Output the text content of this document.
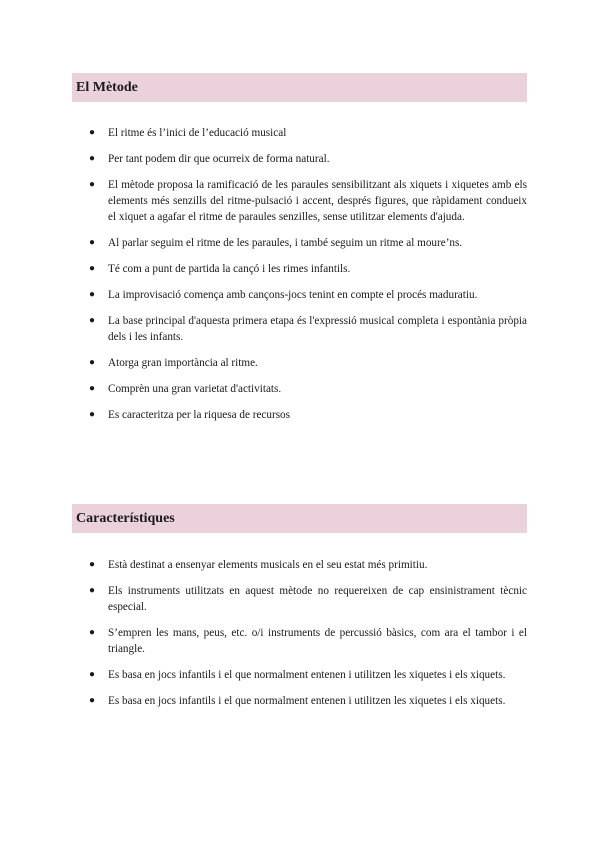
El Mètode
● El ritme és l’inici de l’educació musical
● Per tant podem dir que ocurreix de forma natural.
● El mètode proposa la ramificació de les paraules sensibilitzant als xiquets i xiquetes amb els elements més senzills del ritme-pulsació i accent, després figures, que ràpidament condueix el xiquet a agafar el ritme de paraules senzilles, sense utilitzar elements d'ajuda.
● Al parlar seguim el ritme de les paraules, i també seguim un ritme al moure’ns.
● Té com a punt de partida la cançó i les rimes infantils.
● La improvisació comença amb cançons-jocs tenint en compte el procés maduratiu.
● La base principal d'aquesta primera etapa és l'expressió musical completa i espontània pròpia dels i les infants.
● Atorga gran importància al ritme.
● Comprèn una gran varietat d'activitats.
● Es caracteritza per la riquesa de recursos
Característiques
● Està destinat a ensenyar elements musicals en el seu estat més primitiu.
● Els instruments utilitzats en aquest mètode no requereixen de cap ensinistrament tècnic especial.
● S’empren les mans, peus, etc. o/i instruments de percussió bàsics, com ara el tambor i el triangle.
● Es basa en jocs infantils i el que normalment entenen i utilitzen les xiquetes i els xiquets.
● Es basa en jocs infantils i el que normalment entenen i utilitzen les xiquetes i els xiquets.
